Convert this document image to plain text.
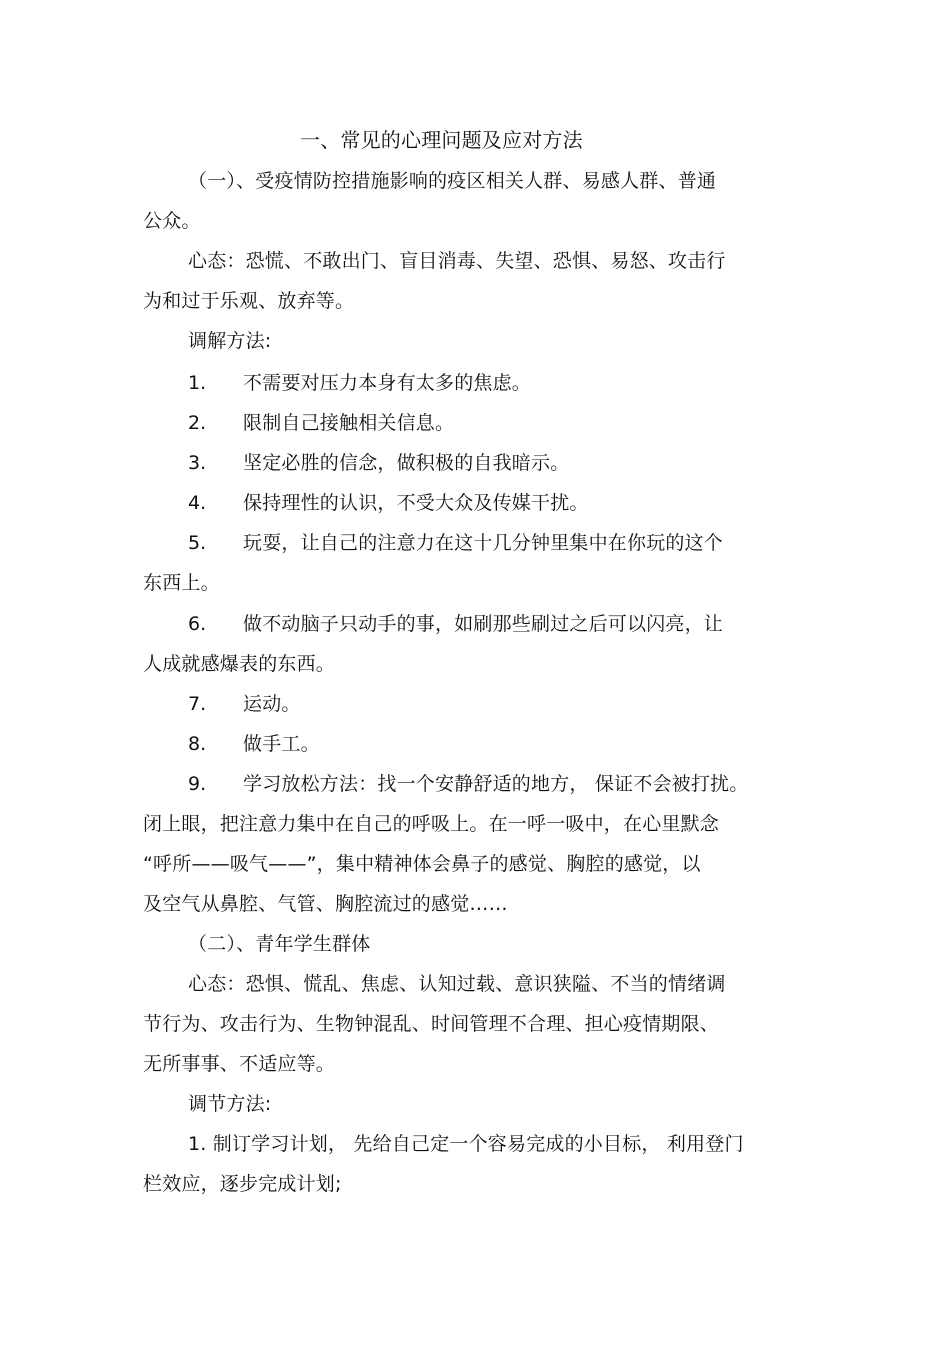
一、常见的心理问题及应对方法
（一）、受疫情防控措施影响的疫区相关人群、易感人群、普通
公众。
心态：恐慌、不敢出门、盲目消毒、失望、恐惧、易怒、攻击行
为和过于乐观、放弃等。
调解方法:
1. 不需要对压力本身有太多的焦虑。
2. 限制自己接触相关信息。
3. 坚定必胜的信念，做积极的自我暗示。
4. 保持理性的认识，不受大众及传媒干扰。
5. 玩耍，让自己的注意力在这十几分钟里集中在你玩的这个
东西上。
6. 做不动脑子只动手的事，如刷那些刷过之后可以闪亮，让
人成就感爆表的东西。
7. 运动。
8. 做手工。
9. 学习放松方法：找一个安静舒适的地方， 保证不会被打扰。
闭上眼，把注意力集中在自己的呼吸上。在一呼一吸中，在心里默念
“呼所——吸气——”，集中精神体会鼻子的感觉、胸腔的感觉，以
及空气从鼻腔、气管、胸腔流过的感觉……
（二）、青年学生群体
心态：恐惧、慌乱、焦虑、认知过载、意识狭隘、不当的情绪调
节行为、攻击行为、生物钟混乱、时间管理不合理、担心疫情期限、
无所事事、不适应等。
调节方法:
1. 制订学习计划， 先给自己定一个容易完成的小目标， 利用登门
栏效应，逐步完成计划;
